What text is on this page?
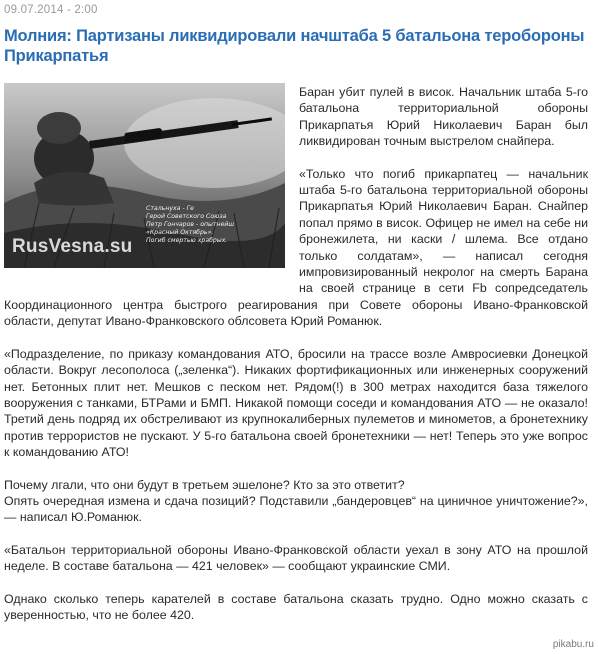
09.07.2014 - 2:00
Молния: Партизаны ликвидировали начштаба 5 батальона теробороны Прикарпатья
Стальнуха - Ге
Герой Советского Союза
Петр Гончаров - опытнейш
«Красный Октябрь».
Погиб смертью храбрых.
RusVesna.su

Баран убит пулей в висок. Начальник штаба 5-го батальона территориальной обороны Прикарпатья Юрий Николаевич Баран был ликвидирован точным выстрелом снайпера.

«Только что погиб прикарпатец — начальник штаба 5-го батальона территориальной обороны Прикарпатья Юрий Николаевич Баран. Снайпер попал прямо в висок. Офицер не имел на себе ни бронежилета, ни каски / шлема. Все отдано только солдатам», — написал сегодня импровизированный некролог на смерть Барана на своей странице в сети Fb сопредседатель Координационного центра быстрого реагирования при Совете обороны Ивано-Франковской области, депутат Ивано-Франковского облсовета Юрий Романюк.

«Подразделение, по приказу командования АТО, бросили на трассе возле Амвросиевки Донецкой области. Вокруг лесополоса („зеленка“). Никаких фортификационных или инженерных сооружений нет. Бетонных плит нет. Мешков с песком нет. Рядом(!) в 300 метрах находится база тяжелого вооружения с танками, БТРами и БМП. Никакой помощи соседи и командования АТО — не оказало! Третий день подряд их обстреливают из крупнокалиберных пулеметов и минометов, а бронетехнику против террористов не пускают. У 5-го батальона своей бронетехники — нет! Теперь это уже вопрос к командованию АТО!

Почему лгали, что они будут в третьем эшелоне? Кто за это ответит?

Опять очередная измена и сдача позиций? Подставили „бандеровцев“ на циничное уничтожение?», — написал Ю.Романюк.

«Батальон территориальной обороны Ивано-Франковской области уехал в зону АТО на прошлой неделе. В составе батальона — 421 человек» — сообщают украинские СМИ.

Однако сколько теперь карателей в составе батальона сказать трудно. Одно можно сказать с уверенностью, что не более 420.

pikabu.ru
